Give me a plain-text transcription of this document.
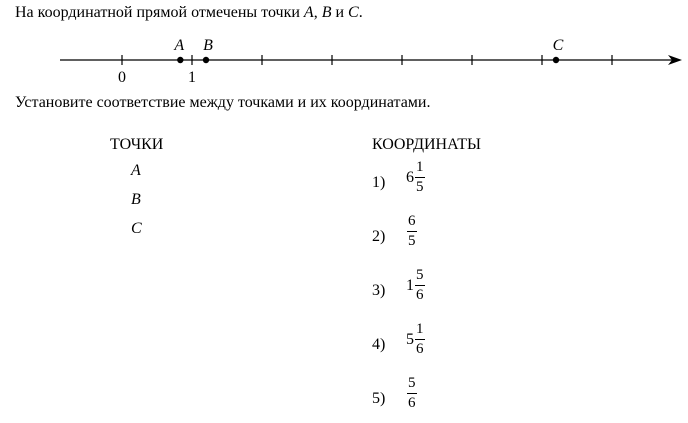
На координатной прямой отмечены точки A, B и C.
A B	C
0	1
Установите соответствие между точками и их координатами.
ТОЧКИ
A
B
C
КООРДИНАТЫ
1) $6 \frac{1}{5}$
$2) \frac{6}{5}$
3) $1 \frac{5}{6}$
4) $5 \frac{1}{6}$
$5) \frac{5}{6}$
